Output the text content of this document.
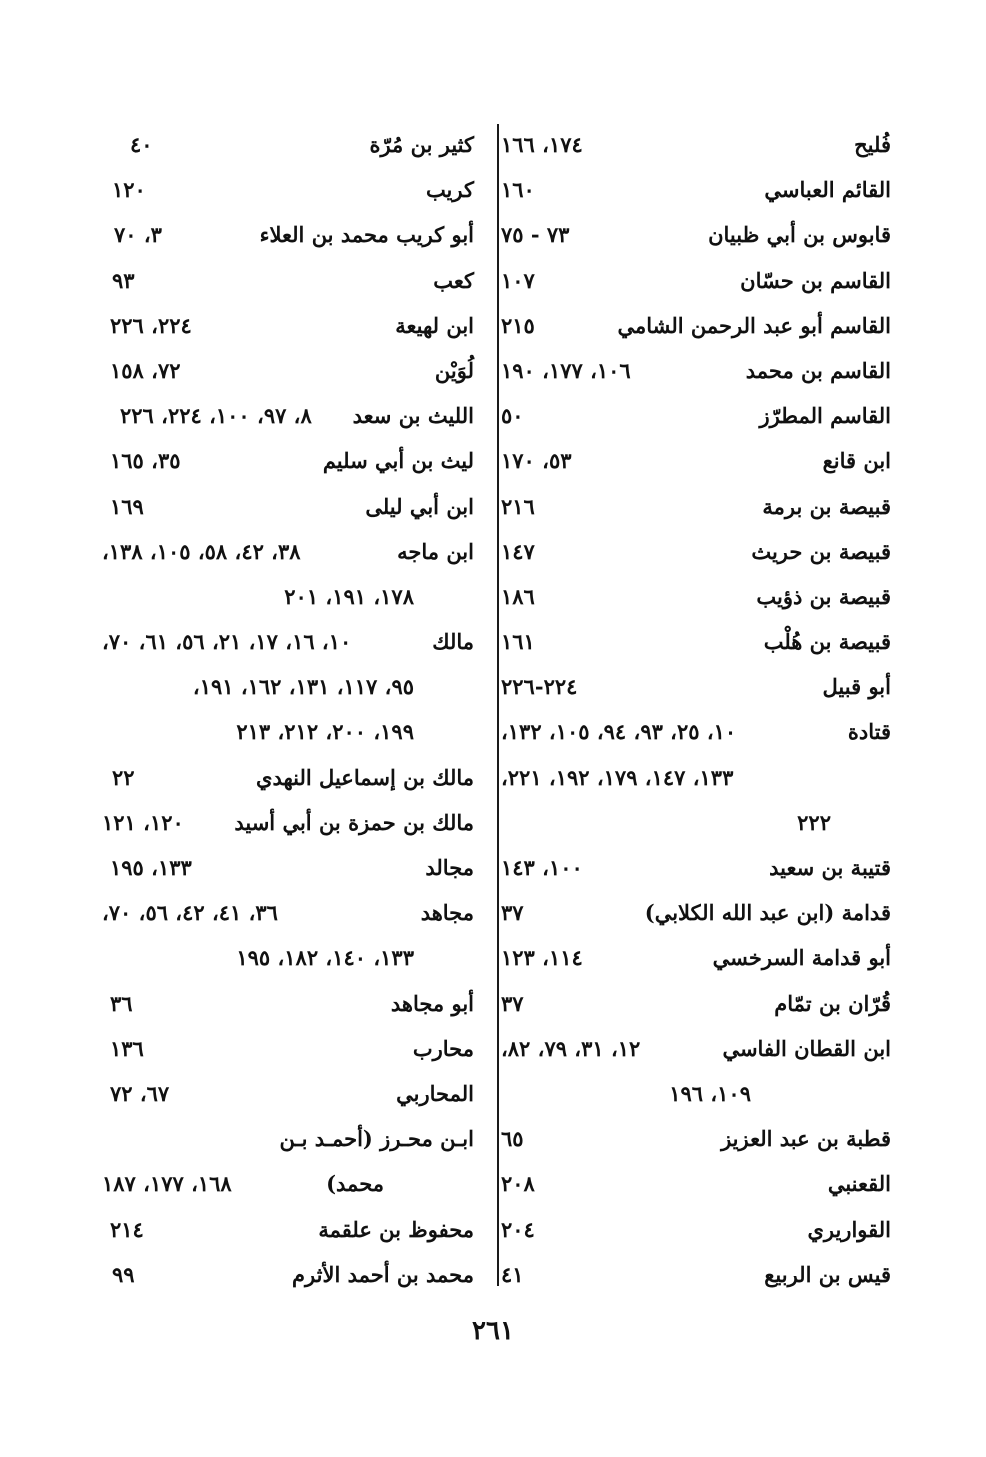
فُليح
١٧٤، ١٦٦
القائم العباسي
١٦٠
قابوس بن أبي ظبيان
٧٣ - ٧٥
القاسم بن حسّان
١٠٧
القاسم أبو عبد الرحمن الشامي
٢١٥
القاسم بن محمد
١٠٦، ١٧٧، ١٩٠
القاسم المطرّز
٥٠
ابن قانع
٥٣، ١٧٠
قبيصة بن برمة
٢١٦
قبيصة بن حريث
١٤٧
قبيصة بن ذؤيب
١٨٦
قبيصة بن هُلْب
١٦١
أبو قبيل
٢٢٤-٢٢٦
قتادة
١٠، ٢٥، ٩٣، ٩٤، ١٠٥، ١٣٢،
١٣٣، ١٤٧، ١٧٩، ١٩٢، ٢٢١،
٢٢٢
قتيبة بن سعيد
١٠٠، ١٤٣
قدامة (ابن عبد الله الكلابي)
٣٧
أبو قدامة السرخسي
١١٤، ١٢٣
قُرّان بن تمّام
٣٧
ابن القطان الفاسي
١٢، ٣١، ٧٩، ٨٢،
١٠٩، ١٩٦
قطبة بن عبد العزيز
٦٥
القعنبي
٢٠٨
القواريري
٢٠٤
قيس بن الربيع
٤١
كثير بن مُرّة
٤٠
كريب
١٢٠
أبو كريب محمد بن العلاء
٣، ٧٠
كعب
٩٣
ابن لهيعة
٢٢٤، ٢٢٦
لُوَيْن
٧٢، ١٥٨
الليث بن سعد
٨، ٩٧، ١٠٠، ٢٢٤، ٢٢٦
ليث بن أبي سليم
٣٥، ١٦٥
ابن أبي ليلى
١٦٩
ابن ماجه
٣٨، ٤٢، ٥٨، ١٠٥، ١٣٨،
١٧٨، ١٩١، ٢٠١
مالك
١٠، ١٦، ١٧، ٢١، ٥٦، ٦١، ٧٠،
٩٥، ١١٧، ١٣١، ١٦٢، ١٩١،
١٩٩، ٢٠٠، ٢١٢، ٢١٣
مالك بن إسماعيل النهدي
٢٢
مالك بن حمزة بن أبي أسيد
١٢٠، ١٢١
مجالد
١٣٣، ١٩٥
مجاهد
٣٦، ٤١، ٤٢، ٥٦، ٧٠،
١٣٣، ١٤٠، ١٨٢، ١٩٥
أبو مجاهد
٣٦
محارب
١٣٦
المحاربي
٦٧، ٧٢
ابـن محـرز (أحمـد بـن
محمد)
١٦٨، ١٧٧، ١٨٧
محفوظ بن علقمة
٢١٤
محمد بن أحمد الأثرم
٩٩
٢٦١
